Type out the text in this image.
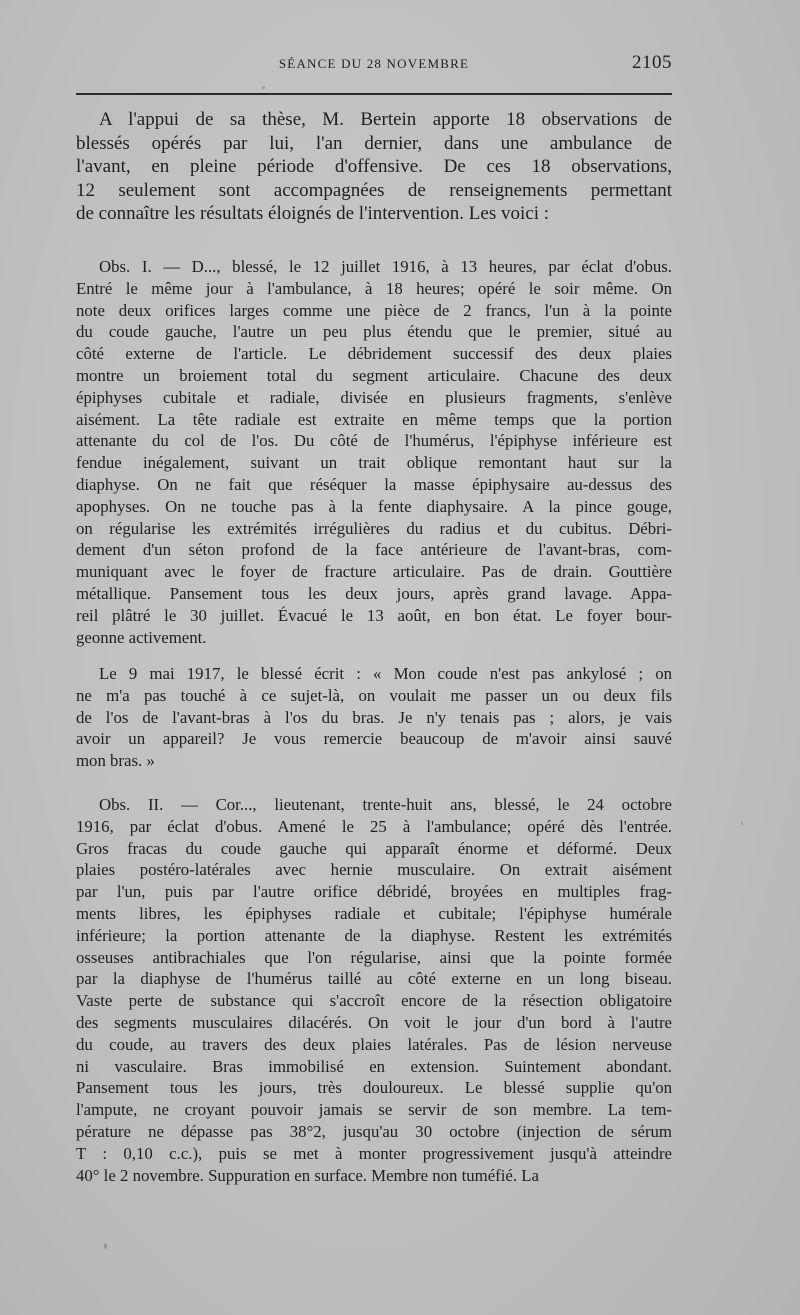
SÉANCE DU 28 NOVEMBRE	2105
A l'appui de sa thèse, M. Bertein apporte 18 observations de
blessés opérés par lui, l'an dernier, dans une ambulance de
l'avant, en pleine période d'offensive. De ces 18 observations,
12 seulement sont accompagnées de renseignements permettant
de connaître les résultats éloignés de l'intervention. Les voici :
Obs. I. — D..., blessé, le 12 juillet 1916, à 13 heures, par éclat d'obus.
Entré le même jour à l'ambulance, à 18 heures; opéré le soir même. On
note deux orifices larges comme une pièce de 2 francs, l'un à la pointe
du coude gauche, l'autre un peu plus étendu que le premier, situé au
côté externe de l'article. Le débridement successif des deux plaies
montre un broiement total du segment articulaire. Chacune des deux
épiphyses cubitale et radiale, divisée en plusieurs fragments, s'enlève
aisément. La tête radiale est extraite en même temps que la portion
attenante du col de l'os. Du côté de l'humérus, l'épiphyse inférieure est
fendue inégalement, suivant un trait oblique remontant haut sur la
diaphyse. On ne fait que réséquer la masse épiphysaire au-dessus des
apophyses. On ne touche pas à la fente diaphysaire. A la pince gouge,
on régularise les extrémités irrégulières du radius et du cubitus. Débri-
dement d'un séton profond de la face antérieure de l'avant-bras, com-
muniquant avec le foyer de fracture articulaire. Pas de drain. Gouttière
métallique. Pansement tous les deux jours, après grand lavage. Appa-
reil plâtré le 30 juillet. Évacué le 13 août, en bon état. Le foyer bour-
geonne activement.
Le 9 mai 1917, le blessé écrit : « Mon coude n'est pas ankylosé ; on
ne m'a pas touché à ce sujet-là, on voulait me passer un ou deux fils
de l'os de l'avant-bras à l'os du bras. Je n'y tenais pas ; alors, je vais
avoir un appareil? Je vous remercie beaucoup de m'avoir ainsi sauvé
mon bras. »
Obs. II. — Cor..., lieutenant, trente-huit ans, blessé, le 24 octobre
1916, par éclat d'obus. Amené le 25 à l'ambulance; opéré dès l'entrée.
Gros fracas du coude gauche qui apparaît énorme et déformé. Deux
plaies postéro-latérales avec hernie musculaire. On extrait aisément
par l'un, puis par l'autre orifice débridé, broyées en multiples frag-
ments libres, les épiphyses radiale et cubitale; l'épiphyse humérale
inférieure; la portion attenante de la diaphyse. Restent les extrémités
osseuses antibrachiales que l'on régularise, ainsi que la pointe formée
par la diaphyse de l'humérus taillé au côté externe en un long biseau.
Vaste perte de substance qui s'accroît encore de la résection obligatoire
des segments musculaires dilacérés. On voit le jour d'un bord à l'autre
du coude, au travers des deux plaies latérales. Pas de lésion nerveuse
ni vasculaire. Bras immobilisé en extension. Suintement abondant.
Pansement tous les jours, très douloureux. Le blessé supplie qu'on
l'ampute, ne croyant pouvoir jamais se servir de son membre. La tem-
pérature ne dépasse pas 38°2, jusqu'au 30 octobre (injection de sérum
T : 0,10 c.c.), puis se met à monter progressivement jusqu'à atteindre
40° le 2 novembre. Suppuration en surface. Membre non tuméfié. La
